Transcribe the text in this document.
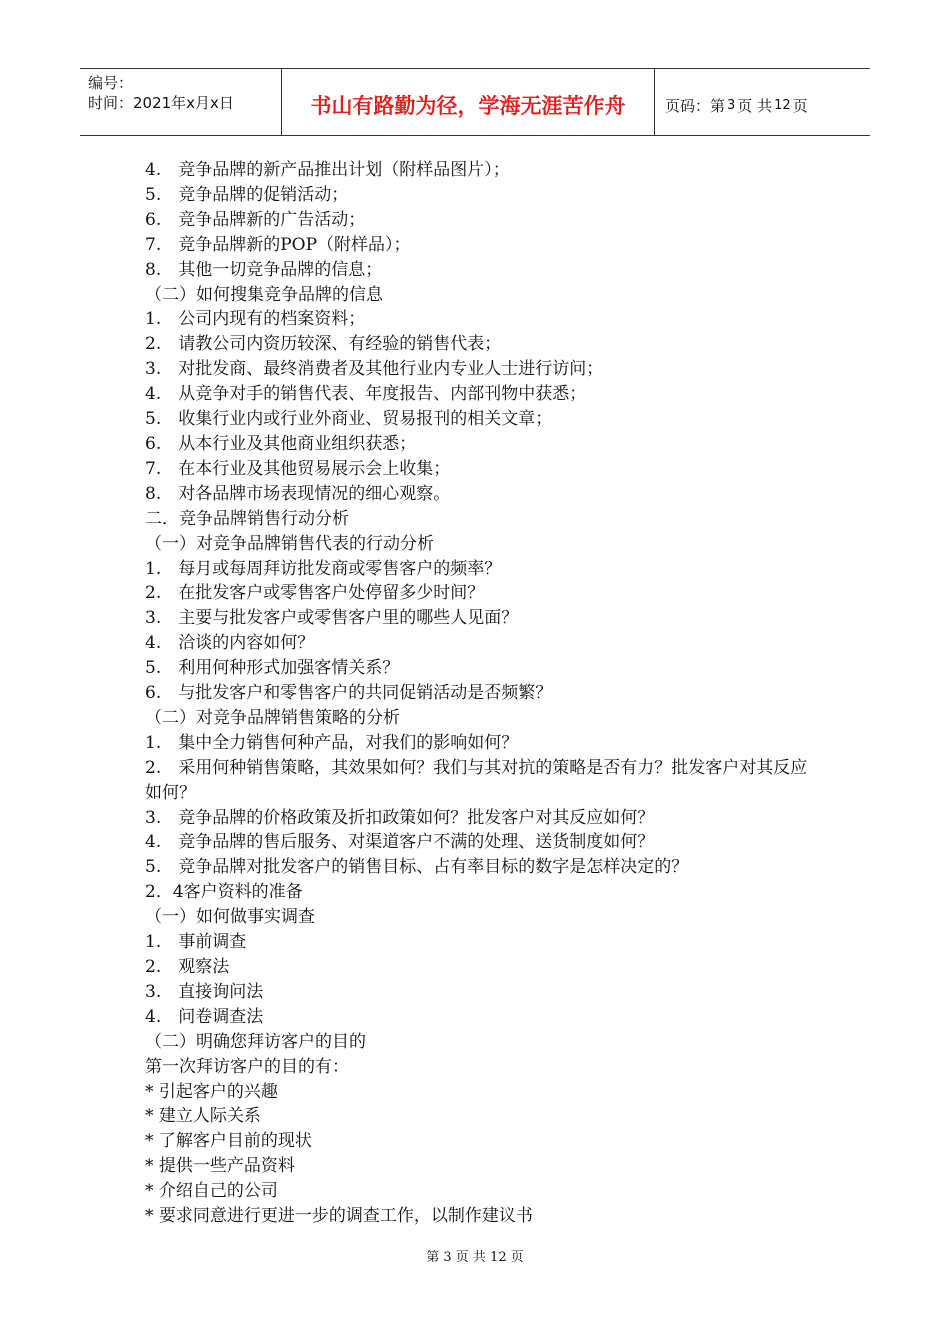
编号：
时间：2021年x月x日	书山有路勤为径，学海无涯苦作舟	页码：第 3 页 共 12 页
4.　竞争品牌的新产品推出计划（附样品图片）；
5.　竞争品牌的促销活动；
6.　竞争品牌新的广告活动；
7.　竞争品牌新的POP（附样品）；
8.　其他一切竞争品牌的信息；
（二）如何搜集竞争品牌的信息
1.　公司内现有的档案资料；
2.　请教公司内资历较深、有经验的销售代表；
3.　对批发商、最终消费者及其他行业内专业人士进行访问；
4.　从竞争对手的销售代表、年度报告、内部刊物中获悉；
5.　收集行业内或行业外商业、贸易报刊的相关文章；
6.　从本行业及其他商业组织获悉；
7.　在本行业及其他贸易展示会上收集；
8.　对各品牌市场表现情况的细心观察。
二．竞争品牌销售行动分析
（一）对竞争品牌销售代表的行动分析
1.　每月或每周拜访批发商或零售客户的频率？
2.　在批发客户或零售客户处停留多少时间？
3.　主要与批发客户或零售客户里的哪些人见面？
4.　洽谈的内容如何？
5.　利用何种形式加强客情关系？
6.　与批发客户和零售客户的共同促销活动是否频繁？
（二）对竞争品牌销售策略的分析
1.　集中全力销售何种产品，对我们的影响如何？
2.　采用何种销售策略，其效果如何？我们与其对抗的策略是否有力？批发客户对其反应如何？
3.　竞争品牌的价格政策及折扣政策如何？批发客户对其反应如何？
4.　竞争品牌的售后服务、对渠道客户不满的处理、送货制度如何？
5.　竞争品牌对批发客户的销售目标、占有率目标的数字是怎样决定的？
2．4客户资料的准备
（一）如何做事实调查
1.　事前调查
2.　观察法
3.　直接询问法
4.　问卷调查法
（二）明确您拜访客户的目的
第一次拜访客户的目的有：
* 引起客户的兴趣
* 建立人际关系
* 了解客户目前的现状
* 提供一些产品资料
* 介绍自己的公司
* 要求同意进行更进一步的调查工作，以制作建议书
第 3 页 共 12 页
